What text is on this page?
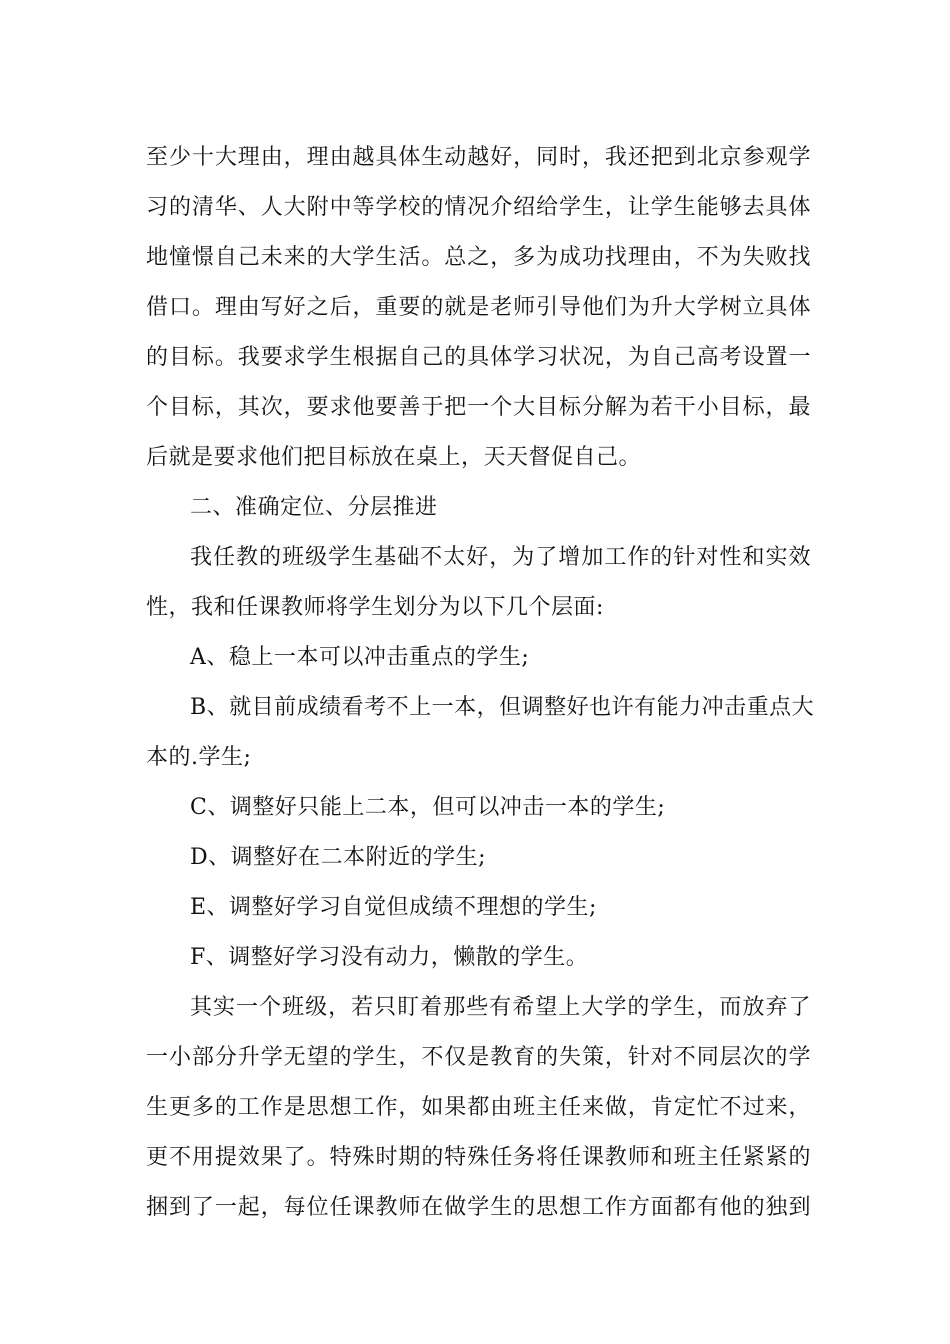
至少十大理由，理由越具体生动越好，同时，我还把到北京参观学
习的清华、人大附中等学校的情况介绍给学生，让学生能够去具体
地憧憬自己未来的大学生活。总之，多为成功找理由，不为失败找
借口。理由写好之后，重要的就是老师引导他们为升大学树立具体
的目标。我要求学生根据自己的具体学习状况，为自己高考设置一
个目标，其次，要求他要善于把一个大目标分解为若干小目标，最
后就是要求他们把目标放在桌上，天天督促自己。
二、准确定位、分层推进
我任教的班级学生基础不太好，为了增加工作的针对性和实效
性，我和任课教师将学生划分为以下几个层面:
A、稳上一本可以冲击重点的学生;
B、就目前成绩看考不上一本，但调整好也许有能力冲击重点大
本的.学生;
C、调整好只能上二本，但可以冲击一本的学生;
D、调整好在二本附近的学生;
E、调整好学习自觉但成绩不理想的学生;
F、调整好学习没有动力，懒散的学生。
其实一个班级，若只盯着那些有希望上大学的学生，而放弃了
一小部分升学无望的学生，不仅是教育的失策，针对不同层次的学
生更多的工作是思想工作，如果都由班主任来做，肯定忙不过来，
更不用提效果了。特殊时期的特殊任务将任课教师和班主任紧紧的
捆到了一起，每位任课教师在做学生的思想工作方面都有他的独到
